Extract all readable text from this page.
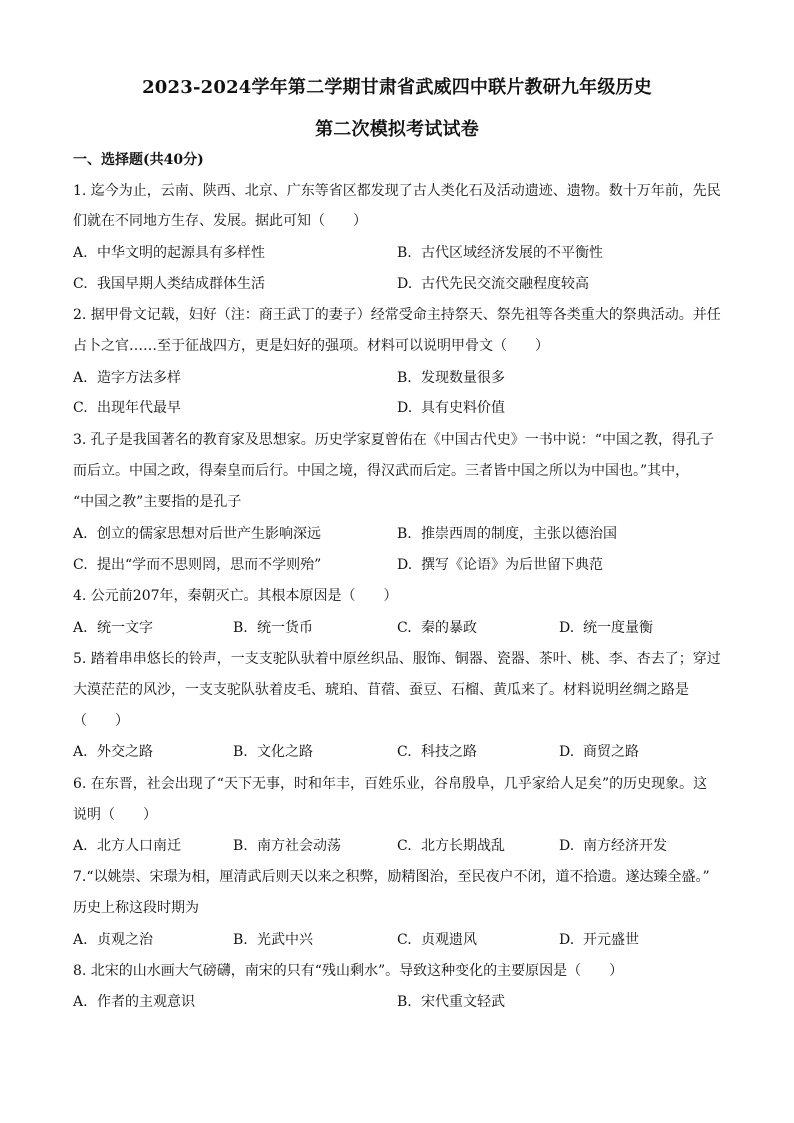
2023-2024学年第二学期甘肃省武威四中联片教研九年级历史
第二次模拟考试试卷
一、选择题(共40分)
1. 迄今为止，云南、陕西、北京、广东等省区都发现了古人类化石及活动遗迹、遗物。数十万年前，先民
们就在不同地方生存、发展。据此可知（　　）
A. 中华文明的起源具有多样性	B. 古代区域经济发展的不平衡性
C. 我国早期人类结成群体生活	D. 古代先民交流交融程度较高
2. 据甲骨文记载，妇好（注：商王武丁的妻子）经常受命主持祭天、祭先祖等各类重大的祭典活动。并任
占卜之官……至于征战四方，更是妇好的强项。材料可以说明甲骨文（　　）
A. 造字方法多样	B. 发现数量很多
C. 出现年代最早	D. 具有史料价值
3. 孔子是我国著名的教育家及思想家。历史学家夏曾佑在《中国古代史》一书中说：“中国之教，得孔子
而后立。中国之政，得秦皇而后行。中国之境，得汉武而后定。三者皆中国之所以为中国也。”其中，
“中国之教”主要指的是孔子
A. 创立的儒家思想对后世产生影响深远	B. 推崇西周的制度，主张以德治国
C. 提出“学而不思则罔，思而不学则殆”	D. 撰写《论语》为后世留下典范
4. 公元前207年，秦朝灭亡。其根本原因是（　　）
A. 统一文字	B. 统一货币	C. 秦的暴政	D. 统一度量衡
5. 踏着串串悠长的铃声，一支支驼队驮着中原丝织品、服饰、铜器、瓷器、茶叶、桃、李、杏去了；穿过
大漠茫茫的风沙，一支支驼队驮着皮毛、琥珀、苜蓿、蚕豆、石榴、黄瓜来了。材料说明丝绸之路是
（　　）
A. 外交之路	B. 文化之路	C. 科技之路	D. 商贸之路
6. 在东晋，社会出现了“天下无事，时和年丰，百姓乐业，谷帛殷阜，几乎家给人足矣”的历史现象。这
说明（　　）
A. 北方人口南迁	B. 南方社会动荡	C. 北方长期战乱	D. 南方经济开发
7.“以姚崇、宋璟为相，厘清武后则天以来之积弊，励精图治，至民夜户不闭，道不拾遗。遂达臻全盛。”
历史上称这段时期为
A. 贞观之治	B. 光武中兴	C. 贞观遗风	D. 开元盛世
8. 北宋的山水画大气磅礴，南宋的只有“残山剩水”。导致这种变化的主要原因是（　　）
A. 作者的主观意识	B. 宋代重文轻武
